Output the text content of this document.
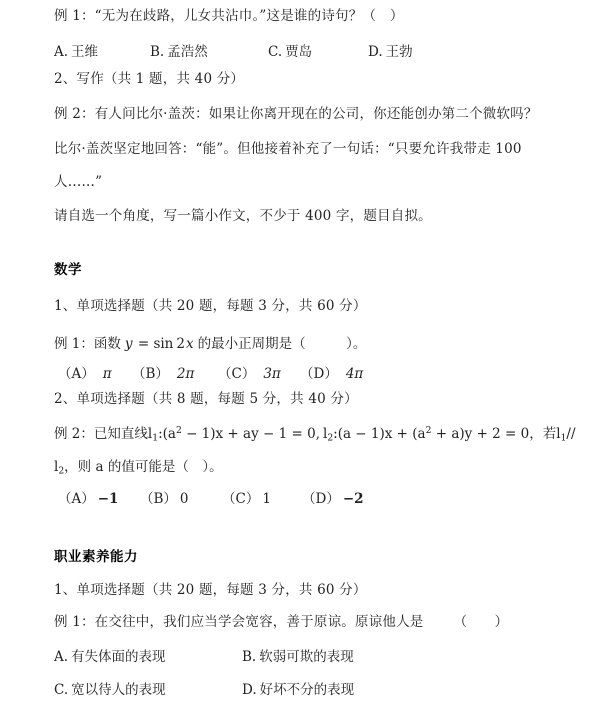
例 1：“无为在歧路，儿女共沾巾。”这是谁的诗句？（　）
A. 王维	B. 孟浩然	C. 贾岛	D. 王勃
2、写作（共 1 题，共 40 分）
例 2：有人问比尔·盖茨：如果让你离开现在的公司，你还能创办第二个微软吗？
比尔·盖茨坚定地回答：“能”。但他接着补充了一句话：“只要允许我带走 100
人……”
请自选一个角度，写一篇小作文，不少于 400 字，题目自拟。
数学
1、单项选择题（共 20 题，每题 3 分，共 60 分）
例 1：函数 y = sin 2x 的最小正周期是（　　　）。
（A） π （B） 2π （C） 3π （D） 4π
2、单项选择题（共 8 题，每题 5 分，共 40 分）
例 2：已知直线$l_1:(a^2 - 1)x$ + ay − 1 = 0, $l_2:(a - 1)x + (a^2 + a)y + 2 = 0$，若$l_1//$
$l_2$，则 a 的值可能是（　）。
（A） −1 （B） 0 （C） 1 （D） −2
职业素养能力
1、单项选择题（共 20 题，每题 3 分，共 60 分）
例 1：在交往中，我们应当学会宽容，善于原谅。原谅他人是 （　　）
A. 有失体面的表现	B. 软弱可欺的表现
C. 宽以待人的表现	D. 好坏不分的表现
